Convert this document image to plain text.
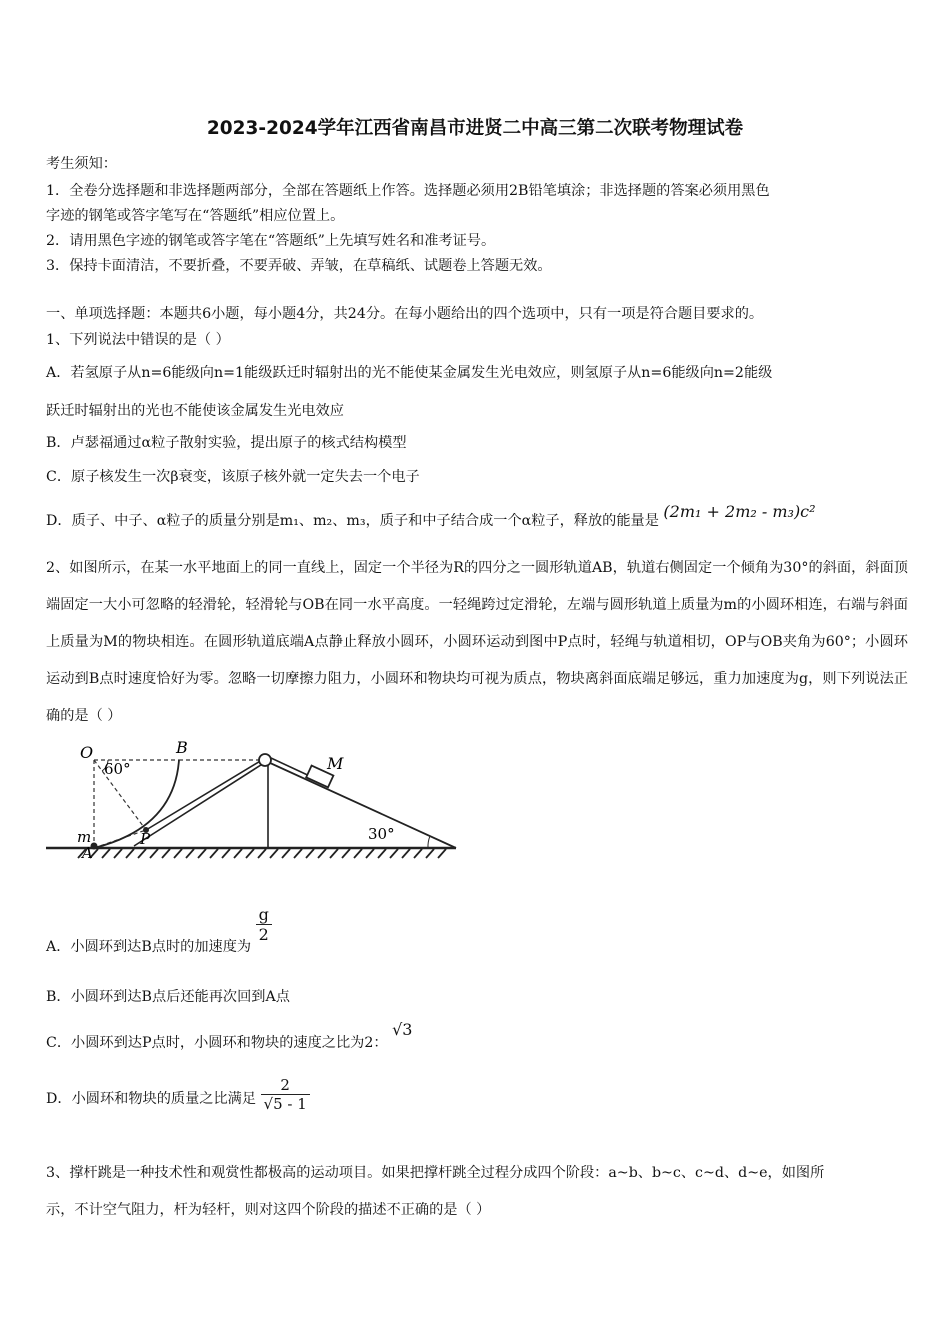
2023-2024学年江西省南昌市进贤二中高三第二次联考物理试卷
考生须知：
1．全卷分选择题和非选择题两部分，全部在答题纸上作答。选择题必须用2B铅笔填涂；非选择题的答案必须用黑色
字迹的钢笔或答字笔写在“答题纸”相应位置上。
2．请用黑色字迹的钢笔或答字笔在“答题纸”上先填写姓名和准考证号。
3．保持卡面清洁，不要折叠，不要弄破、弄皱，在草稿纸、试题卷上答题无效。
一、单项选择题：本题共6小题，每小题4分，共24分。在每小题给出的四个选项中，只有一项是符合题目要求的。
1、下列说法中错误的是（ ）
A．若氢原子从n=6能级向n=1能级跃迁时辐射出的光不能使某金属发生光电效应，则氢原子从n=6能级向n=2能级
跃迁时辐射出的光也不能使该金属发生光电效应
B．卢瑟福通过α粒子散射实验，提出原子的核式结构模型
C．原子核发生一次β衰变，该原子核外就一定失去一个电子
D．质子、中子、α粒子的质量分别是m₁、m₂、m₃，质子和中子结合成一个α粒子，释放的能量是 (2m₁ + 2m₂ - m₃)c²
2、如图所示，在某一水平地面上的同一直线上，固定一个半径为R的四分之一圆形轨道AB，轨道右侧固定一个倾角为30°的斜面，斜面顶端固定一大小可忽略的轻滑轮，轻滑轮与OB在同一水平高度。一轻绳跨过定滑轮，左端与圆形轨道上质量为m的小圆环相连，右端与斜面上质量为M的物块相连。在圆形轨道底端A点静止释放小圆环，小圆环运动到图中P点时，轻绳与轨道相切，OP与OB夹角为60°；小圆环运动到B点时速度恰好为零。忽略一切摩擦力阻力，小圆环和物块均可视为质点，物块离斜面底端足够远，重力加速度为g，则下列说法正确的是（ ）
O	B
60°	M
m	P
A
30°
A．小圆环到达B点时的加速度为
$\frac{g}{2}$
B．小圆环到达B点后还能再次回到A点
C．小圆环到达P点时，小圆环和物块的速度之比为2： √3
D．小圆环和物块的质量之比满足 $\frac{2}{√5 - 1}$
3、撑杆跳是一种技术性和观赏性都极高的运动项目。如果把撑杆跳全过程分成四个阶段：a~b、b~c、c~d、d~e，如图所
示，不计空气阻力，杆为轻杆，则对这四个阶段的描述不正确的是（ ）
